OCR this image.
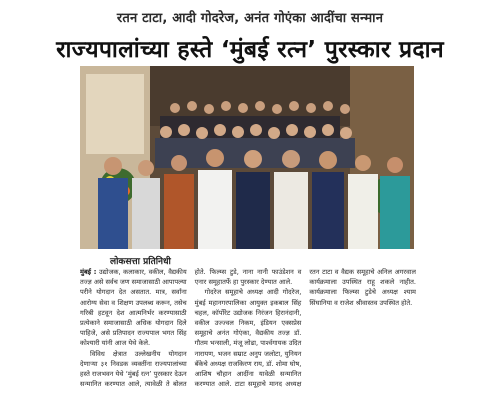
रतन टाटा, आदी गोदरेज, अनंत गोएंका आदींचा सन्मान
राज्यपालांच्या हस्ते ‘मुंबई रत्न’ पुरस्कार प्रदान
लोकसत्ता प्रतिनिधी

मुंबई : उद्योजक, कलाकार, वकील, वैद्यकीय तज्ज्ञ असे सर्वच जण समाजासाठी आपापल्या परीने योगदान देत असतात. मात्र, सर्वांना आरोग्य सेवा व शिक्षण उपलब्ध करून, तसेच गरिबी हटवून देश आत्मनिर्भर करण्यासाठी प्रत्येकाने समाजासाठी अधिक योगदान दिले पाहिजे, असे प्रतिपादन राज्यपाल भगत सिंह कोश्यारी यांनी आज येथे केले.

विविध क्षेत्रात उल्लेखनीय योगदान देणाऱ्या ३१ निवडक व्यक्तींना राज्यपालांच्या हस्ते राजभवन येथे ‘मुंबई रत्न’ पुरस्कार देऊन सन्मानित करण्यात आले, त्यावेळी ते बोलत होते. फिल्म्स टुडे, नाना नानी फाउंडेशन व एनार समूहातर्फे हा पुरस्कार देण्यात आले.

गोदरेज समूहाचे अध्यक्ष आदी गोदरेज, मुंबई महानगरपालिका आयुक्त इकबाल सिंह चहल, कॉर्पोरेट उद्योजक निरंजन हिरानंदानी, वकील उज्ज्वल निकम, इंडियन एक्सप्रेस समूहाचे अनंत गोएंका, वैद्यकीय तज्ज्ञ डॉ. गौतम भन्साली, मंजू लोढा, पार्श्वगायक उदित नारायण, भजन सम्राट अनुप जलोटा, युनियन बँकेचे अध्यक्ष राजकिरण राय, डॉ. शोमा घोष, आशिष चौहान आदींना यावेळी सन्मानित करण्यात आले. टाटा समूहाचे मानद अध्यक्ष रतन टाटा व वैद्यक समूहाचे अनिल अगरवाल कार्यक्रमाला उपस्थित राहू शकले नाहीत. कार्यक्रमाला फिल्म्स टुडेचे अध्यक्ष श्याम सिंघानिया व राजेश श्रीवास्तव उपस्थित होते.
